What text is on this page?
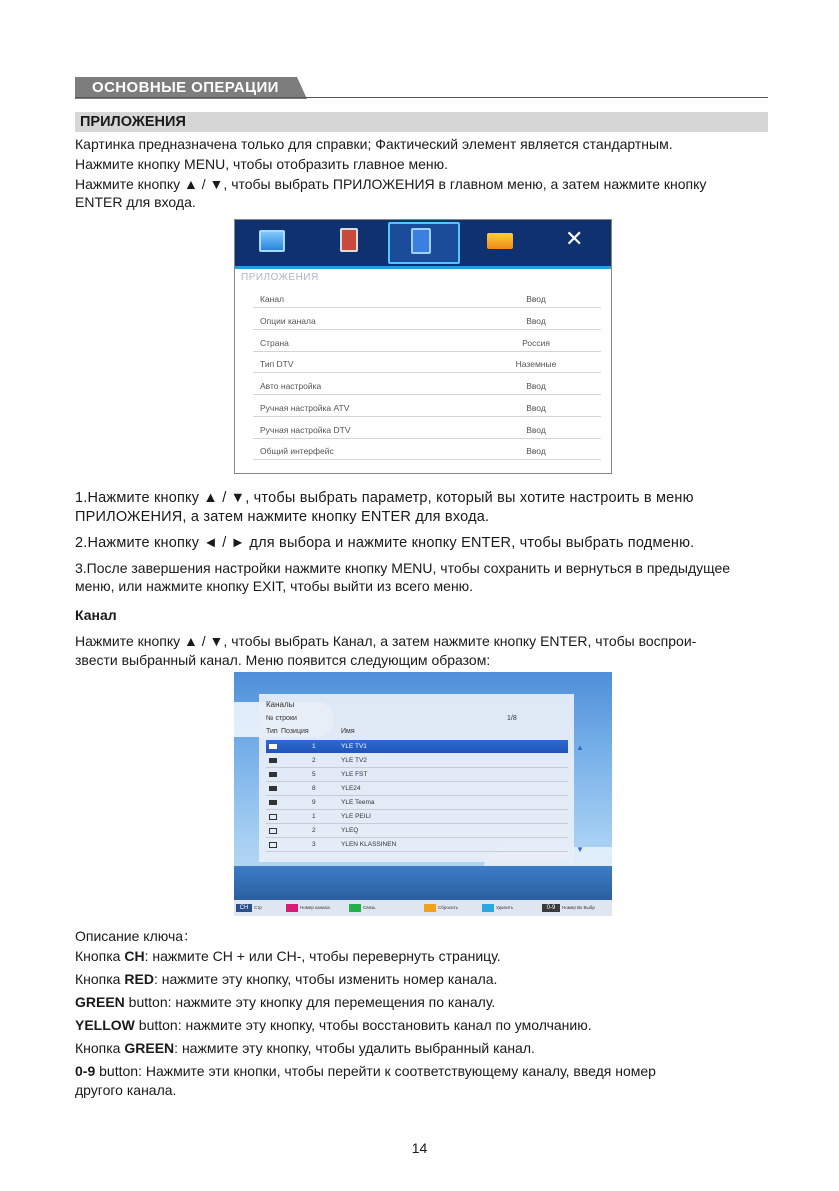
ОСНОВНЫЕ ОПЕРАЦИИ
ПРИЛОЖЕНИЯ
Картинка предназначена только для справки; Фактический элемент является стандартным.
Нажмите кнопку MENU, чтобы отобразить главное меню.
Нажмите кнопку ▲ / ▼, чтобы выбрать ПРИЛОЖЕНИЯ в главном меню, а затем нажмите кнопку
ENTER для входа.
✕
ПРИЛОЖЕНИЯ
Канал	Ввод
Опции канала	Ввод
Страна	Россия
Тип DTV	Наземные
Авто настройка	Ввод
Ручная настройка ATV	Ввод
Ручная настройка DTV	Ввод
Общий интерфейс	Ввод
1.Нажмите кнопку ▲ / ▼, чтобы выбрать параметр, который вы хотите настроить в меню
ПРИЛОЖЕНИЯ, а затем нажмите кнопку ENTER для входа.
2.Нажмите кнопку ◄ / ► для выбора и нажмите кнопку ENTER, чтобы выбрать подменю.
3.После завершения настройки нажмите кнопку MENU, чтобы сохранить и вернуться в предыдущее
меню, или нажмите кнопку EXIT, чтобы выйти из всего меню.
Канал
Нажмите кнопку ▲ / ▼, чтобы выбрать Канал, а затем нажмите кнопку ENTER, чтобы воспрои-
звести выбранный канал. Меню появится следующим образом:
Каналы
№ строки	1/8
Тип Позиция	Имя
1	YLE TV1
2	YLE TV2
5	YLE FST
8	YLE24
9	YLE Teema
1	YLE PEILI
2	YLEQ
3	YLEN KLASSINEN
▲
▼
CH	Стр	Номер канала	Связь	Сбросить	Удалить	0-9	Номер Вх Выбр
Описание ключа：
Кнопка CH: нажмите CH + или CH-, чтобы перевернуть страницу.
Кнопка RED: нажмите эту кнопку, чтобы изменить номер канала.
GREEN button: нажмите эту кнопку для перемещения по каналу.
YELLOW button: нажмите эту кнопку, чтобы восстановить канал по умолчанию.
Кнопка GREEN: нажмите эту кнопку, чтобы удалить выбранный канал.
0-9 button: Нажмите эти кнопки, чтобы перейти к соответствующему каналу, введя номер
другого канала.
14
